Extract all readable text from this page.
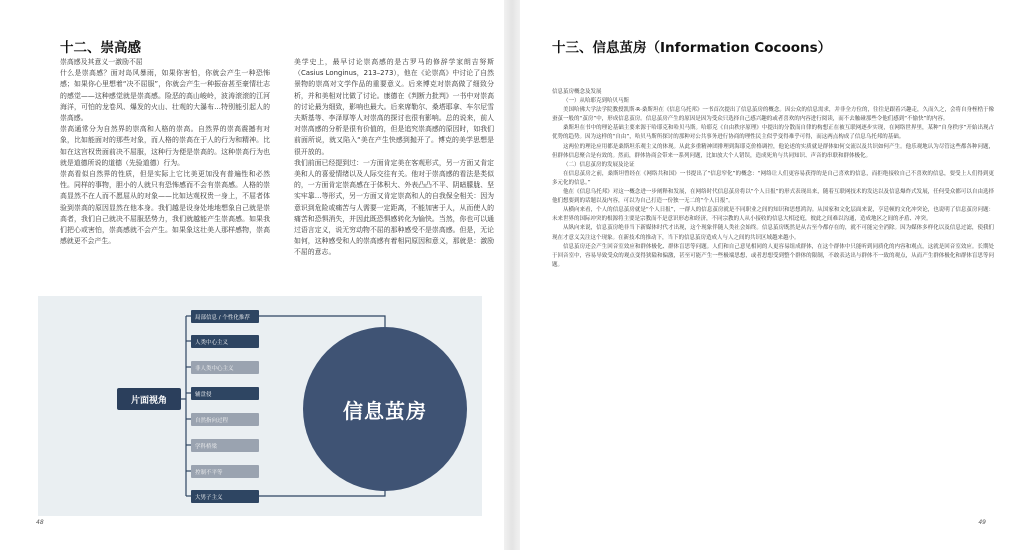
十二、崇高感

崇高感及其意义一激励不屈

什么是崇高感？面对岛风暴雨，如果你害怕，你就会产生一种恐怖感；如果你心里想着“决不屈服”，你就会产生一种振奋甚至豪情壮志的感觉——这种感觉就是崇高感。险恶的高山峻岭，波涛滚滚的江河海洋，可怕的龙卷风、爆发的火山、壮观的大瀑布…特别能引起人的崇高感。

崇高通常分为自然界的崇高和人格的崇高。自然界的崇高震撼有对象，比如能面对的那些对象，而人格的崇高在于人的行为和精神。比如在这宫权贵面前决不屈服，这种行为便是崇高的。这种崇高行为也就是道德所说的道德（先验道德）行为。

崇高看似自然界的性质，但是实际上它比美更加没有普遍性和必然性。同样的事物，胆小的人就只有恐怖感而不会有崇高感。人格的崇高显然不在人而不愿屈从的对象——比如达观权贵一身上，不屈者体验到崇高的原因显然在他本身。我们越是设身处地地想象自己就是崇高者，我们自己就决不屈服恶势力，我们就越能产生崇高感。如果我们把心或害怕，崇高感就不会产生。如果象这壮美人那样感物，崇高感就更不会产生。

美学史上，最早讨论崇高感的是古罗马的修辞学家朗吉努斯（Casius Longinus，213–273），他在《论崇高》中讨论了自然景物的崇高对文学作品的重要意义。后来博克对崇高做了细致分析，并和美相对比做了讨论。康德在《判断力批判》一书中对崇高的讨论最为细致，影响也最大。后来席勒尔、桑塔耶拿、车尔尼雪夫斯基等、李泽厚等人对崇高的探讨也很有影响。总的说来，前人对崇高感的分析是很有价值的，但是追究崇高感的原因时，如我们前面所说，就又陷入“美在产生快感到抛开了。博克的美学思想是很开放的。

我们前面已经提到过：一方面肯定美在客观形式，另一方面又肯定美和人的喜爱情绪以及人际交往有关。他对于崇高感的看法是类似的，一方面肯定崇高感在于体积大、外表凸凸不平、阴暗朦胧、坚实牢靠…等形式，另一方面又肯定崇高和人的自我保全相关：因为意识到危险或痛苦与人需要一定距离，不能加害于人，从而使人的痛苦和恐惧消失，并因此既恐惧感转化为愉快。当然，你也可以通过语言定义，说无穷动物不屈的那种感受不是崇高感。但是，无论如何，这种感受和人的崇高感有着相同原因和意义，那就是：激励不屈的意志。

片面视角
局部信息 / 个性化推荐
人类中心主义
非人类中心主义
辅盘侵
自然指向过程
学科桥梁
控制不平等
大男子主义
信息茧房
48
十三、信息茧房（Information Cocoons）

信息茧房概念及发展

（一）从哈耶克到哈贝马斯

美国哈佛大学法学院教授凯斯·R·桑斯坦在《信息乌托邦》一书首次提出了信息茧房的概念。因公众的信息需求，并非全方位的，往往是跟着兴趣走，久而久之，会将自身桎梏于像蚕茧一般的“茧房”中，形成信息茧房。信息茧房产生的原因是因为受众只选择自己感兴趣的或者喜欢的内容进行阅读，而不去触碰那些令他们感到“不愉快”的内容。

桑斯坦在书中的理论基础主要来源于哈耶克和哈贝马斯。哈耶克《自由秩序原理》中提出的分散而自律的构想正在被互联网逐步实现，在网络世界里，某种“自身秩序”开始出现占优势的趋势。因为这样的“自由”，哈贝马斯所探讨的那种对公共事务进行协商的理性民主似乎变得难乎可得，而这两点构成了信息乌托邦的基础。

这两位的理论应用都是桑斯坦乐观主义的体现。从此多重精神团排理到海耶克价格调控，他论述的实质就是群体如何交流以及共识如何产生。他乐观地认为尽管这些都各种问题，但群体信息聚合是有效的。然而，群体协商会带来一系列问题，比如放大个人错误，造成死角与共同知识、声音的串联和群体极化。

（二）信息茧房的发展及论证

在信息茧房之前，桑斯坦曾经在《网络共和国》一书提出了“信息窄化”的概念：“网络让人们更容易获得的是自己喜欢的信息，而拒绝接收自己不喜欢的信息，要受上人们得到更多元化的信息。”

他在《信息乌托邦》对这一概念进一步阐释和发展，在网络时代信息茧房将以“个人日报”的形式表现出来，随着互联网技术的发达以及信息爆炸式发展，任何受众都可以自由选择他们想要到的话题以及内容，可以为自己打造一份独一无二的“个人日报”。

从横向来看，个人的信息茧房就是“个人日报”，一群人的信息茧房就是不同职业之间的知识和思想鸿沟。从国家和文化层面来说，亨廷顿的文化冲突论，也说明了信息茧房问题：未来世界的国际冲突的根源将主要是宗教而不是意识形态和经济，不同宗教的人从小接收的信息大相迳庭，彼此之间难以沟通，造成地区之间的矛盾、冲突。

从纵向来说，信息茧房绝非当下新媒体时代才出现，这个现象伴随人类社会始终。信息茧房既然是从古至今都存在的，就不可能完全消除。因为媒体多样化以及信息过滤，使我们现在才意义关注这个现象。在新技术的推动下，当下的信息茧房造成人与人之间的共识区域越来越小。

信息茧房还会产生回音室效应和群体极化、群体盲思等问题。人们和自己意见相同的人更容易组成群体，在这个群体中只能听到同质化的内容和观点，这就是回音室效应。长期处于回音室中，容易导致受众的观点变得狭隘和偏激，甚至可能产生一些极端思想，或者思想受到整个群体的限制，不敢表达出与群体不一致的观点，从而产生群体极化和群体盲思等问题。

49
